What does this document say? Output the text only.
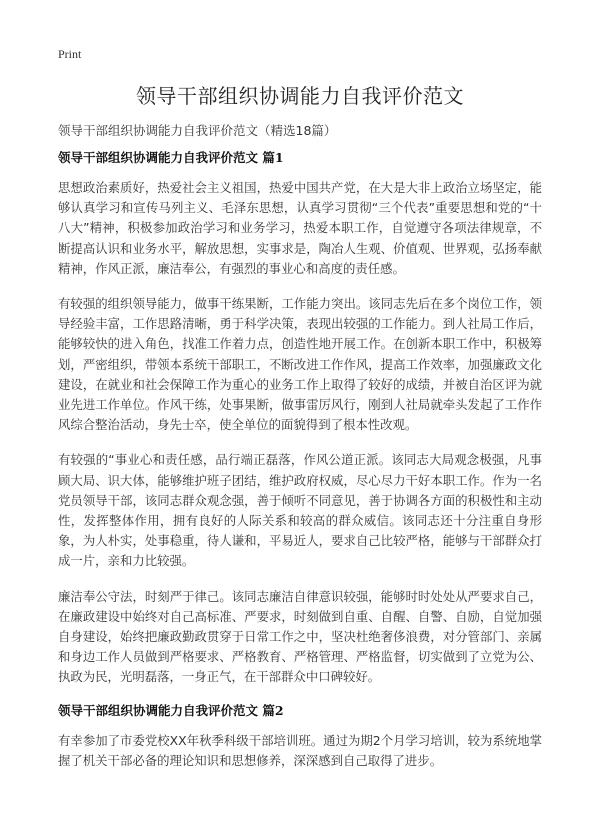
Print
领导干部组织协调能力自我评价范文
领导干部组织协调能力自我评价范文（精选18篇）
领导干部组织协调能力自我评价范文 篇1

思想政治素质好，热爱社会主义祖国，热爱中国共产党，在大是大非上政治立场坚定，能够认真学习和宣传马列主义、毛泽东思想，认真学习贯彻“三个代表”重要思想和党的“十八大”精神，积极参加政治学习和业务学习，热爱本职工作，自觉遵守各项法律规章，不断提高认识和业务水平，解放思想，实事求是，陶冶人生观、价值观、世界观，弘扬奉献精神，作风正派，廉洁奉公，有强烈的事业心和高度的责任感。

有较强的组织领导能力，做事干练果断，工作能力突出。该同志先后在多个岗位工作，领导经验丰富，工作思路清晰，勇于科学决策，表现出较强的工作能力。到人社局工作后，能够较快的进入角色，找准工作着力点，创造性地开展工作。在创新本职工作中，积极筹划，严密组织，带领本系统干部职工，不断改进工作作风，提高工作效率，加强廉政文化建设，在就业和社会保障工作为重心的业务工作上取得了较好的成绩，并被自治区评为就业先进工作单位。作风干练，处事果断，做事雷厉风行，刚到人社局就牵头发起了工作作风综合整治活动，身先士卒，使全单位的面貌得到了根本性改观。

有较强的“事业心和责任感，品行端正磊落，作风公道正派。该同志大局观念极强，凡事顾大局、识大体，能够维护班子团结，维护政府权威，尽心尽力干好本职工作。作为一名党员领导干部，该同志群众观念强，善于倾听不同意见，善于协调各方面的积极性和主动性，发挥整体作用，拥有良好的人际关系和较高的群众威信。该同志还十分注重自身形象，为人朴实，处事稳重，待人谦和，平易近人，要求自己比较严格，能够与干部群众打成一片，亲和力比较强。

廉洁奉公守法，时刻严于律己。该同志廉洁自律意识较强，能够时时处处从严要求自己，在廉政建设中始终对自己高标准、严要求，时刻做到自重、自醒、自警、自励，自觉加强自身建设，始终把廉政勤政贯穿于日常工作之中，坚决杜绝奢侈浪费，对分管部门、亲属和身边工作人员做到严格要求、严格教育、严格管理、严格监督，切实做到了立党为公、执政为民，光明磊落，一身正气，在干部群众中口碑较好。

领导干部组织协调能力自我评价范文 篇2

有幸参加了市委党校XX年秋季科级干部培训班。通过为期2个月学习培训，较为系统地掌握了机关干部必备的理论知识和思想修养，深深感到自己取得了进步。
